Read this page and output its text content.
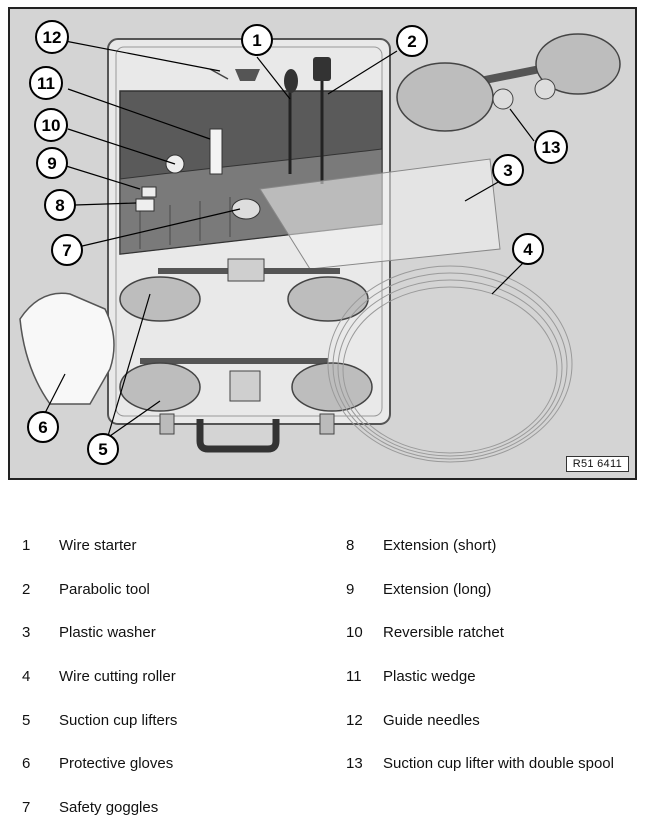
1	2
3
4
5
6
7
8
9
10
11
12
13
R51 6411
1 Wire starter
2 Parabolic tool
3 Plastic washer
4 Wire cutting roller
5 Suction cup lifters
6 Protective gloves
7 Safety goggles
8 Extension (short)
9 Extension (long)
10 Reversible ratchet
11 Plastic wedge
12 Guide needles
13 Suction cup lifter with double spool
